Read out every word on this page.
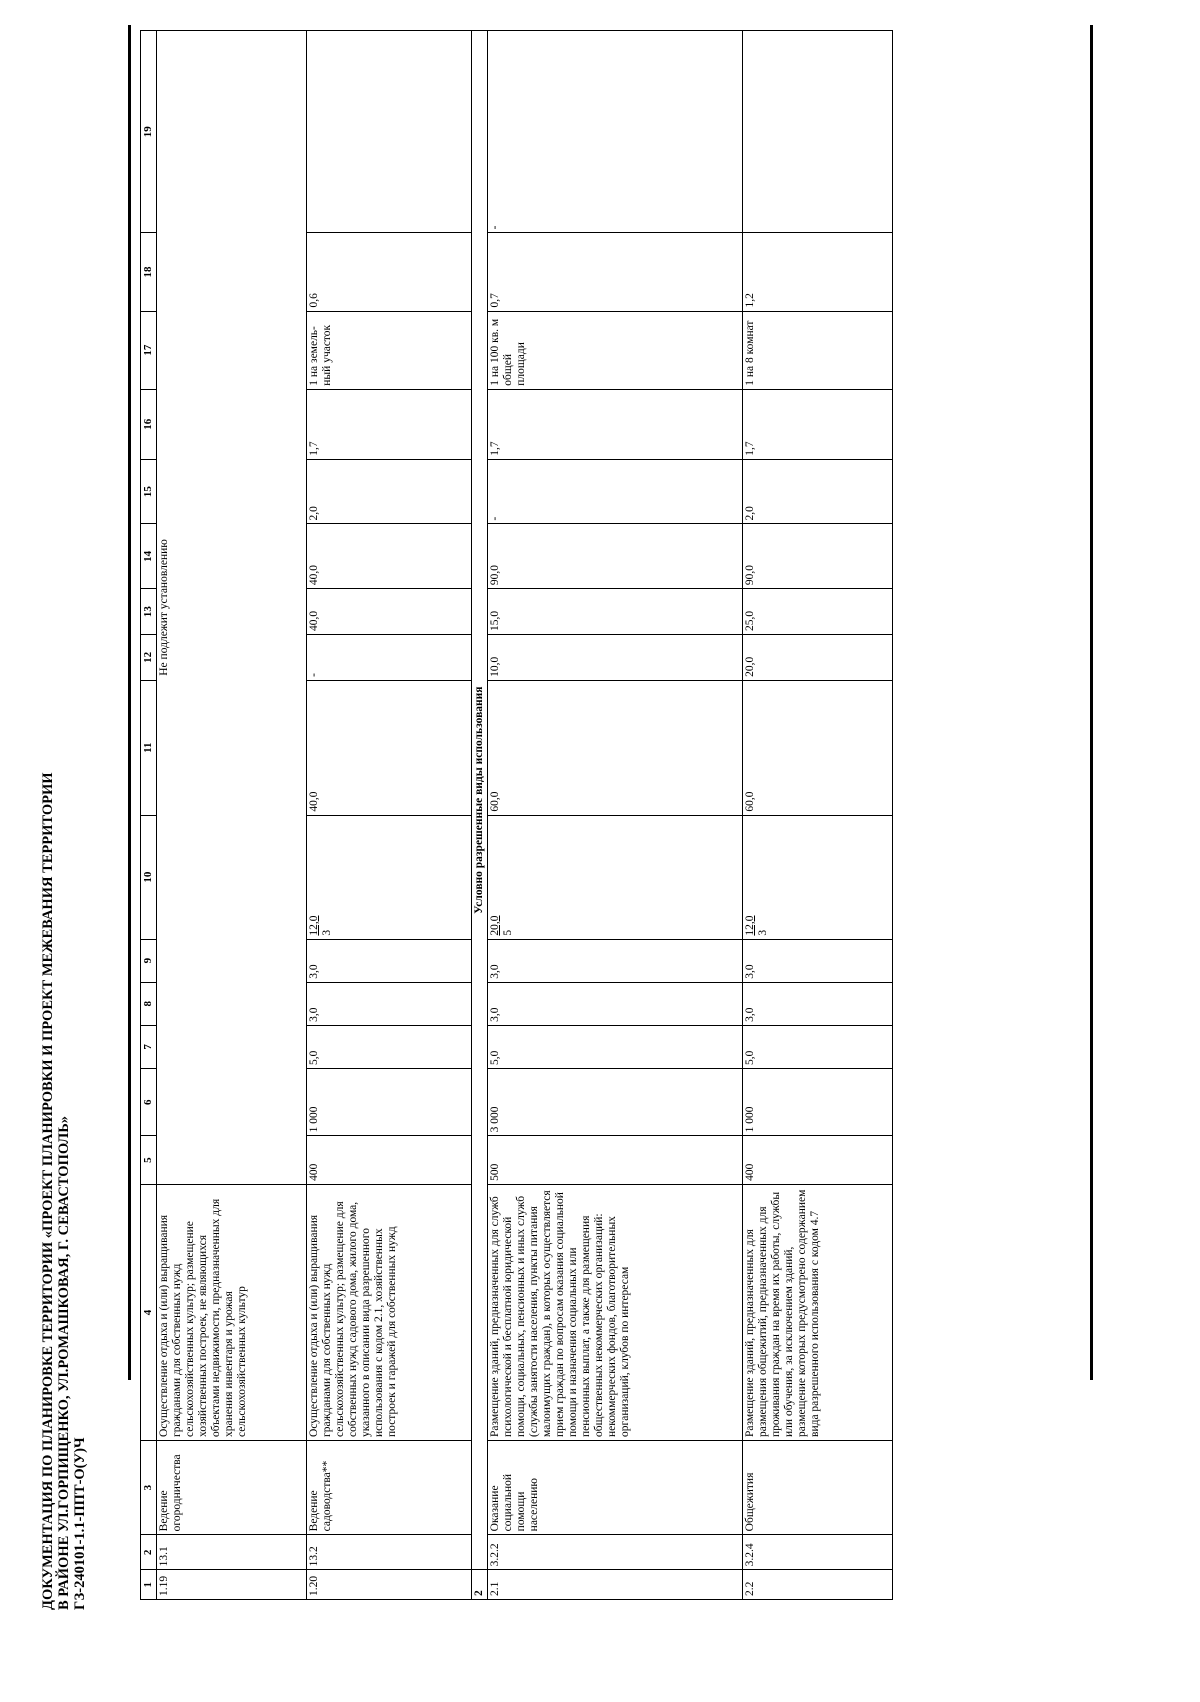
ДОКУМЕНТАЦИЯ ПО ПЛАНИРОВКЕ ТЕРРИТОРИИ «ПРОЕКТ ПЛАНИРОВКИ И ПРОЕКТ МЕЖЕВАНИЯ ТЕРРИТОРИИ В РАЙОНЕ УЛ.ГОРПИЩЕНКО, УЛ.РОМАШКОВАЯ, Г. СЕВАСТОПОЛЬ» ГЗ-240101-1.1-ППТ-О(У)Ч	1	2	3	4	5	6	7	8	9	10	11	12	13	14	15	16	17	18	19
1.19	13.1	Ведение огородничества	Осуществление отдыха и (или) выращивания гражданами для собственных нужд сельскохозяйственных культур; размещение хозяйственных построек, не являющихся объектами недвижимости, предназначенных для хранения инвентаря и урожая сельскохозяйственных культур	Не подлежит установлению														
1.20	13.2	Ведение садоводства**	Осуществление отдыха и (или) выращивания гражданами для собственных нужд сельскохозяйственных культур; размещение для собственных нужд садового дома, жилого дома, указанного в описании вида разрешенного использования с кодом 2.1, хозяйственных построек и гаражей для собственных нужд	400	1 000	5,0	3,0	3,0	12,0 3	40,0	-	40,0	40,0	2,0	1,7	1 на земель-ный участок	0,6	
2	Условно разрешенные виды использования																	
2.1	3.2.2	Оказание социальной помощи населению	Размещение зданий, предназначенных для служб психологической и бесплатной юридической помощи, социальных, пенсионных и иных служб (службы занятости населения, пункты питания малоимущих граждан), в которых осуществляется прием граждан по вопросам оказания социальной помощи и назначения социальных или пенсионных выплат, а также для размещения общественных некоммерческих организаций: некоммерческих фондов, благотворительных организаций, клубов по интересам	500	3 000	5,0	3,0	3,0	20,0 5	60,0	10,0	15,0	90,0	-	1,7	1 на 100 кв. м общей площади	0,7	-
2.2	3.2.4	Общежития	Размещение зданий, предназначенных для размещения общежитий, предназначенных для проживания граждан на время их работы, службы или обучения, за исключением зданий, размещение которых предусмотрено содержанием вида разрешенного использования с кодом 4.7	400	1 000	5,0	3,0	3,0	12,0 3	60,0	20,0	25,0	90,0	2,0	1,7	1 на 8 комнат	1,2	
